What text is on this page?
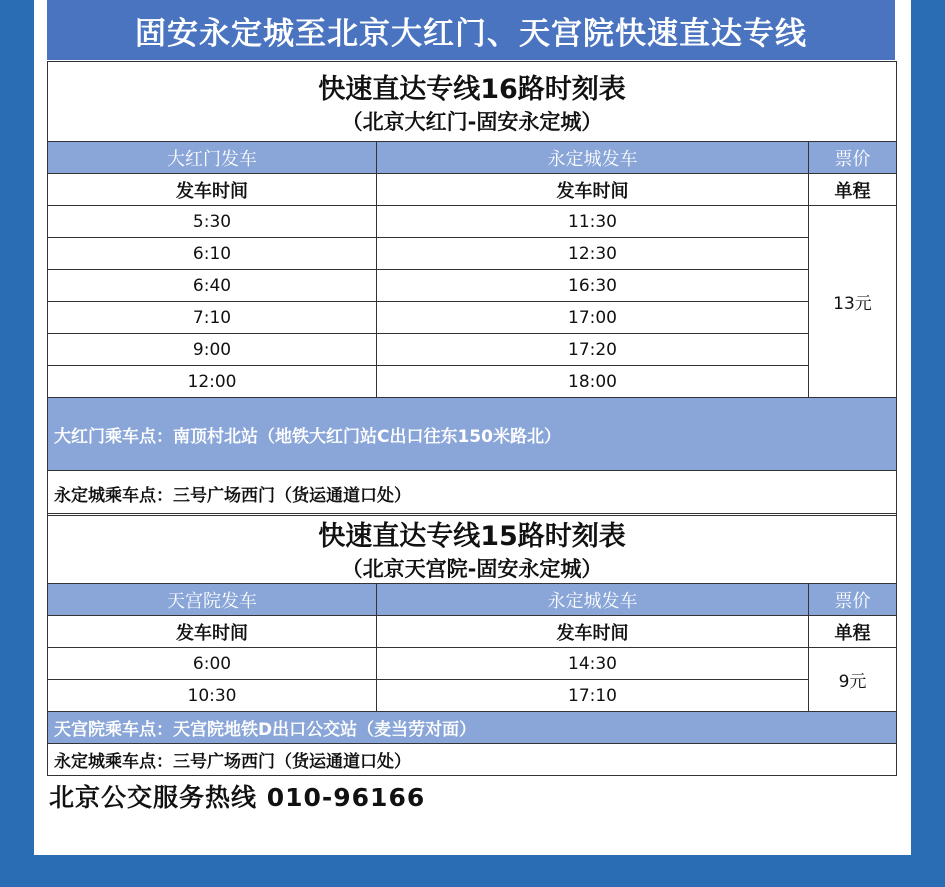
固安永定城至北京大红门、天宫院快速直达专线
快速直达专线16路时刻表
（北京大红门-固安永定城）		

大红门发车	永定城发车	票价
发车时间	发车时间	单程
5:30	11:30	13元
6:10	12:30	
6:40	16:30	
7:10	17:00	
9:00	17:20	
12:00	18:00	
大红门乘车点：南顶村北站（地铁大红门站C出口往东150米路北）		
永定城乘车点：三号广场西门（货运通道口处）		
快速直达专线15路时刻表
（北京天宫院-固安永定城）		

天宫院发车	永定城发车	票价
发车时间	发车时间	单程
6:00	14:30	9元
10:30	17:10	
天宫院乘车点：天宫院地铁D出口公交站（麦当劳对面）		
永定城乘车点：三号广场西门（货运通道口处）		
北京公交服务热线 010-96166
